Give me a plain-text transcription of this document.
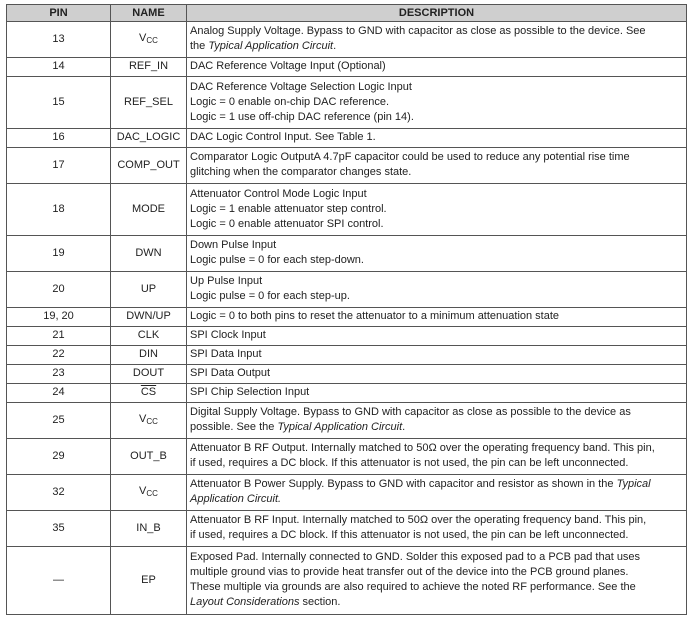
PIN	NAME	DESCRIPTION
13	$V_{CC}$	Analog Supply Voltage. Bypass to GND with capacitor as close as possible to the device. See
the Typical Application Circuit.

14	REF_IN	DAC Reference Voltage Input (Optional)

15	REF_SEL	DAC Reference Voltage Selection Logic Input
Logic = 0 enable on-chip DAC reference.
Logic = 1 use off-chip DAC reference (pin 14).

16	DAC_LOGIC	DAC Logic Control Input. See Table 1.

17	COMP_OUT	Comparator Logic OutputA 4.7pF capacitor could be used to reduce any potential rise time
glitching when the comparator changes state.

18	MODE	Attenuator Control Mode Logic Input
Logic = 1 enable attenuator step control.
Logic = 0 enable attenuator SPI control.

19	DWN	Down Pulse Input
Logic pulse = 0 for each step-down.

20	UP	Up Pulse Input
Logic pulse = 0 for each step-up.

19, 20	DWN/UP	Logic = 0 to both pins to reset the attenuator to a minimum attenuation state

21	CLK	SPI Clock Input

22	DIN	SPI Data Input

23	DOUT	SPI Data Output

24	$\overline{CS}$	SPI Chip Selection Input

25	$V_{CC}$	Digital Supply Voltage. Bypass to GND with capacitor as close as possible to the device as
possible. See the Typical Application Circuit.

29	OUT_B	Attenuator B RF Output. Internally matched to 50Ω over the operating frequency band. This pin,
if used, requires a DC block. If this attenuator is not used, the pin can be left unconnected.

32	$V_{CC}$	Attenuator B Power Supply. Bypass to GND with capacitor and resistor as shown in the Typical
Application Circuit.

35	IN_B	Attenuator B RF Input. Internally matched to 50Ω over the operating frequency band. This pin,
if used, requires a DC block. If this attenuator is not used, the pin can be left unconnected.

—	EP	Exposed Pad. Internally connected to GND. Solder this exposed pad to a PCB pad that uses
multiple ground vias to provide heat transfer out of the device into the PCB ground planes.
These multiple via grounds are also required to achieve the noted RF performance. See the
Layout Considerations section.
